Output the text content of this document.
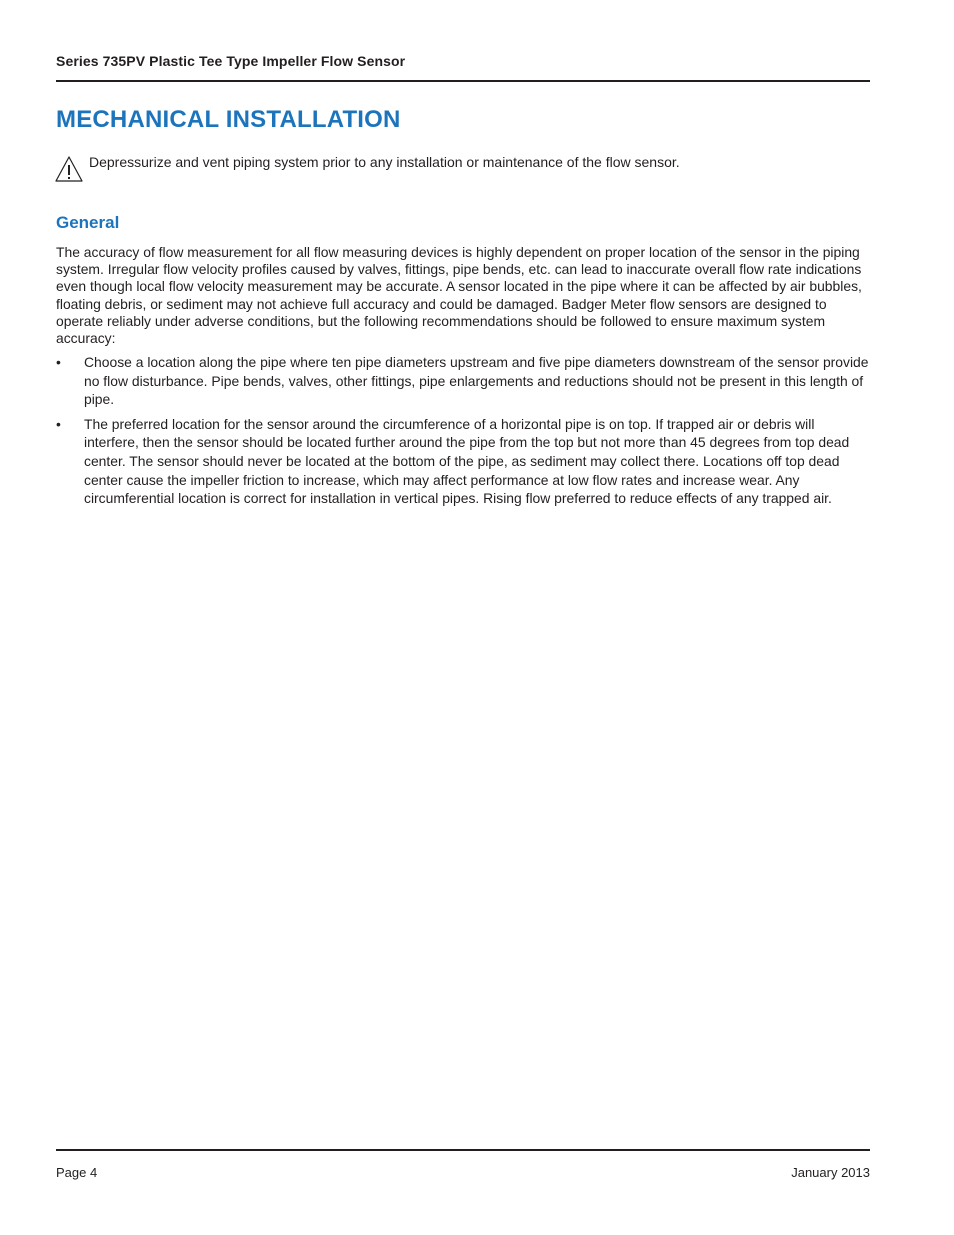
Series 735PV Plastic Tee Type Impeller Flow Sensor
MECHANICAL INSTALLATION
Depressurize and vent piping system prior to any installation or maintenance of the flow sensor.
General
The accuracy of flow measurement for all flow measuring devices is highly dependent on proper location of the sensor in the piping system. Irregular flow velocity profiles caused by valves, fittings, pipe bends, etc. can lead to inaccurate overall flow rate indications even though local flow velocity measurement may be accurate. A sensor located in the pipe where it can be affected by air bubbles, floating debris, or sediment may not achieve full accuracy and could be damaged. Badger Meter flow sensors are designed to operate reliably under adverse conditions, but the following recommendations should be followed to ensure maximum system accuracy:
• Choose a location along the pipe where ten pipe diameters upstream and five pipe diameters downstream of the sensor provide no flow disturbance. Pipe bends, valves, other fittings, pipe enlargements and reductions should not be present in this length of pipe.
• The preferred location for the sensor around the circumference of a horizontal pipe is on top. If trapped air or debris will interfere, then the sensor should be located further around the pipe from the top but not more than 45 degrees from top dead center. The sensor should never be located at the bottom of the pipe, as sediment may collect there. Locations off top dead center cause the impeller friction to increase, which may affect performance at low flow rates and increase wear. Any circumferential location is correct for installation in vertical pipes. Rising flow preferred to reduce effects of any trapped air.
Page 4	January 2013
